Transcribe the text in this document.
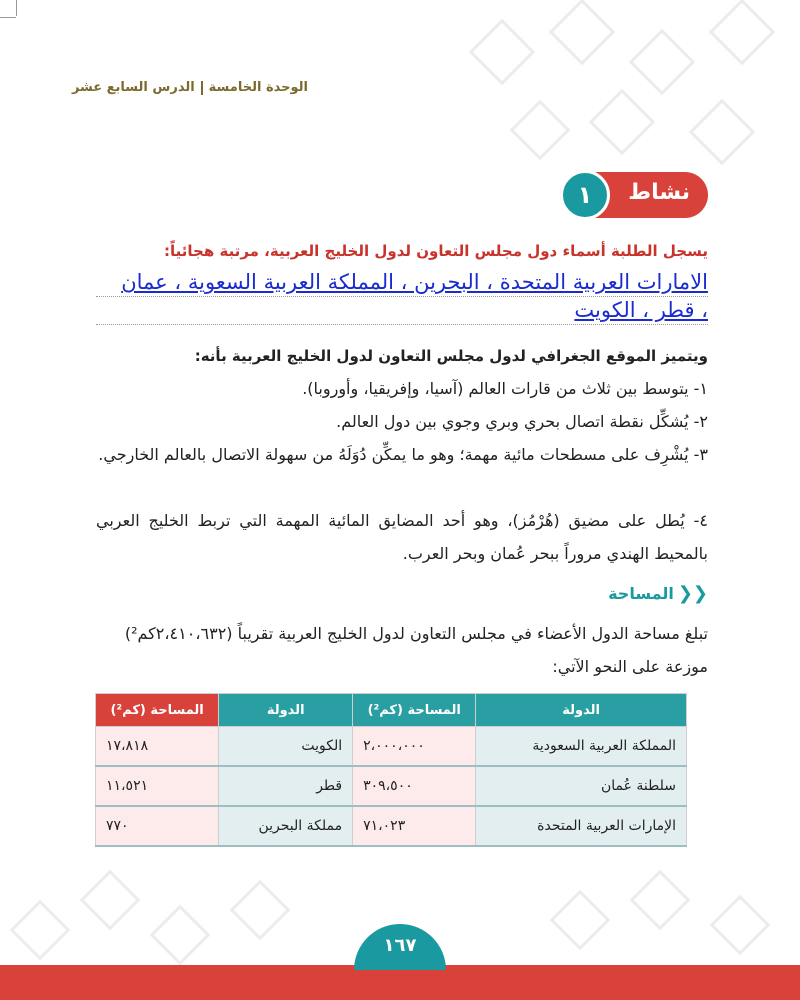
الوحدة الخامسةالدرس السابع عشر
نشاط
١
يسجل الطلبة أسماء دول مجلس التعاون لدول الخليج العربية، مرتبة هجائياً:
الامارات العربية المتحدة ، البحرين ، المملكة العربية السعوية ، عمان
، قطر ، الكويت
ويتميز الموقع الجغرافي لدول مجلس التعاون لدول الخليج العربية بأنه:
١- يتوسط بين ثلاث من قارات العالم (آسيا، وإفريقيا، وأوروبا).
٢- يُشكِّل نقطة اتصال بحري وبري وجوي بين دول العالم.
٣- يُشْرِف على مسطحات مائية مهمة؛ وهو ما يمكِّن دُوَلَهُ من سهولة الاتصال بالعالم الخارجي.
٤- يُطل على مضيق (هُرْمُز)، وهو أحد المضايق المائية المهمة التي تربط الخليج العربي بالمحيط الهندي مروراً ببحر عُمان وبحر العرب.
❮❮المساحة
تبلغ مساحة الدول الأعضاء في مجلس التعاون لدول الخليج العربية تقريباً (٢،٤١٠،٦٣٢كم²) موزعة على النحو الآتي:
الدولة	المساحة (كم²)	الدولة	المساحة (كم²)
المملكة العربية السعودية	٢،٠٠٠،٠٠٠	الكويت	١٧،٨١٨
سلطنة عُمان	٣٠٩،٥٠٠	قطر	١١،٥٢١
الإمارات العربية المتحدة	٧١،٠٢٣	مملكة البحرين	٧٧٠
١٦٧
